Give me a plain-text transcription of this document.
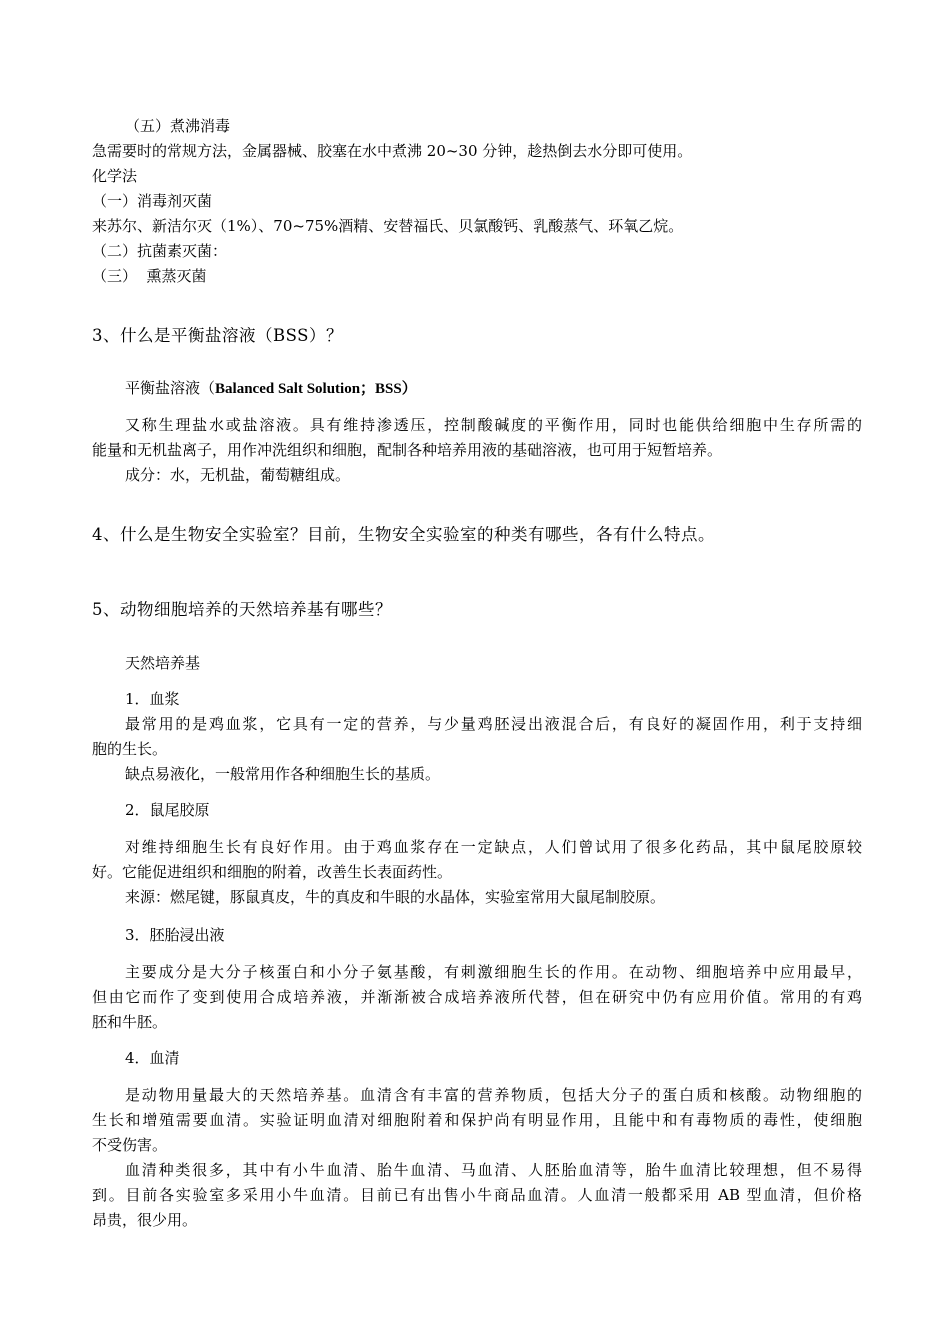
（五）煮沸消毒
急需要时的常规方法，金属器械、胶塞在水中煮沸 20~30 分钟，趁热倒去水分即可使用。
化学法
（一）消毒剂灭菌
来苏尔、新洁尔灭（1%）、70~75%酒精、安替福氏、贝氯酸钙、乳酸蒸气、环氧乙烷。
（二）抗菌素灭菌：
（三）  熏蒸灭菌
3、什么是平衡盐溶液（BSS）？
平衡盐溶液（Balanced Salt Solution；BSS）
又称生理盐水或盐溶液。具有维持渗透压，控制酸碱度的平衡作用，同时也能供给细胞中生存所需的
能量和无机盐离子，用作冲洗组织和细胞，配制各种培养用液的基础溶液，也可用于短暂培养。
成分：水，无机盐，葡萄糖组成。
4、什么是生物安全实验室？目前，生物安全实验室的种类有哪些，各有什么特点。
5、动物细胞培养的天然培养基有哪些？
天然培养基
1．血浆
最常用的是鸡血浆，它具有一定的营养，与少量鸡胚浸出液混合后，有良好的凝固作用，利于支持细
胞的生长。
缺点易液化，一般常用作各种细胞生长的基质。
2．鼠尾胶原
对维持细胞生长有良好作用。由于鸡血浆存在一定缺点，人们曾试用了很多化药品，其中鼠尾胶原较
好。它能促进组织和细胞的附着，改善生长表面药性。
来源：燃尾键，豚鼠真皮，牛的真皮和牛眼的水晶体，实验室常用大鼠尾制胶原。
3．胚胎浸出液
主要成分是大分子核蛋白和小分子氨基酸，有刺激细胞生长的作用。在动物、细胞培养中应用最早，
但由它而作了变到使用合成培养液，并渐渐被合成培养液所代替，但在研究中仍有应用价值。常用的有鸡
胚和牛胚。
4．血清
是动物用量最大的天然培养基。血清含有丰富的营养物质，包括大分子的蛋白质和核酸。动物细胞的
生长和增殖需要血清。实验证明血清对细胞附着和保护尚有明显作用，且能中和有毒物质的毒性，使细胞
不受伤害。
血清种类很多，其中有小牛血清、胎牛血清、马血清、人胚胎血清等，胎牛血清比较理想，但不易得
到。目前各实验室多采用小牛血清。目前已有出售小牛商品血清。人血清一般都采用 AB 型血清，但价格
昂贵，很少用。
